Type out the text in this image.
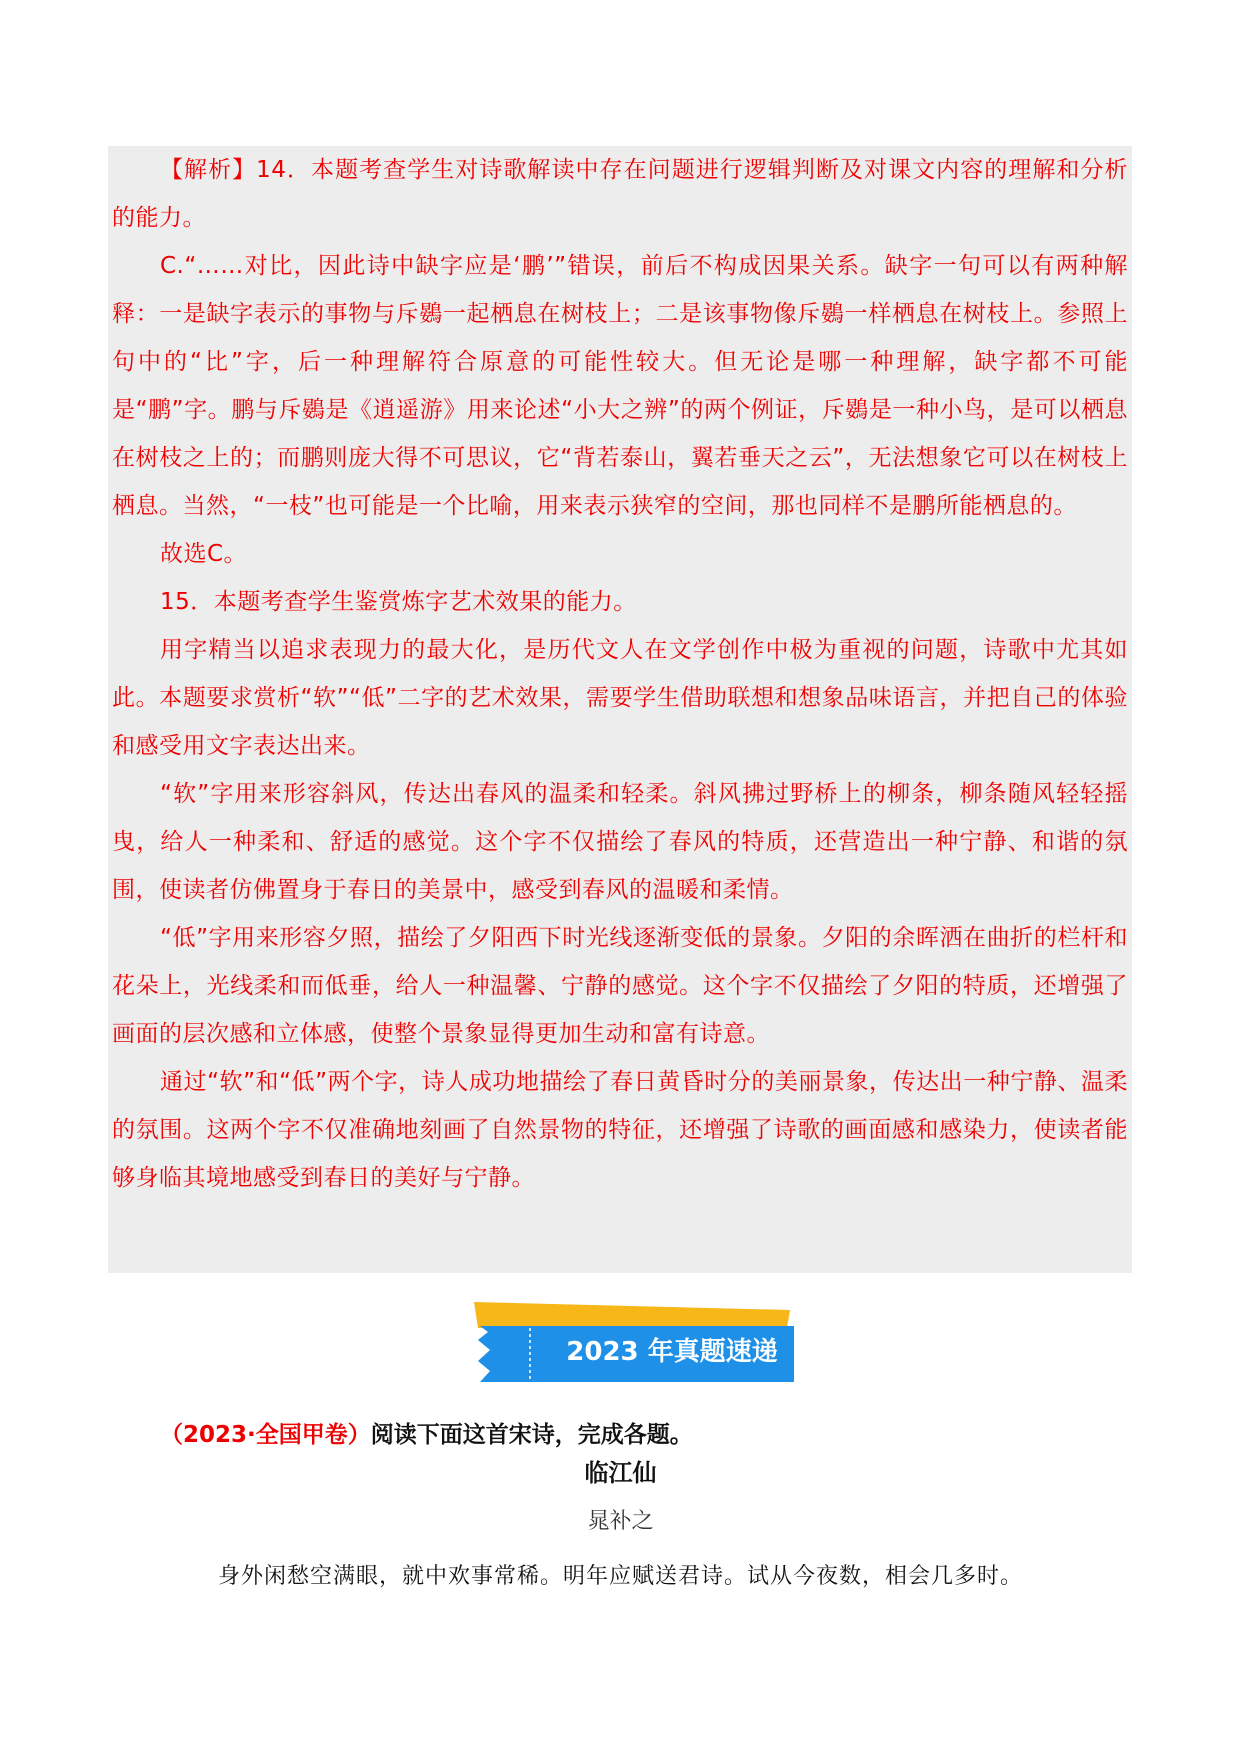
【解析】14．本题考查学生对诗歌解读中存在问题进行逻辑判断及对课文内容的理解和分析的能力。

C.“……对比，因此诗中缺字应是‘鹏’”错误，前后不构成因果关系。缺字一句可以有两种解释：一是缺字表示的事物与斥鷃一起栖息在树枝上；二是该事物像斥鷃一样栖息在树枝上。参照上句中的“比”字，后一种理解符合原意的可能性较大。但无论是哪一种理解，缺字都不可能是“鹏”字。鹏与斥鷃是《逍遥游》用来论述“小大之辨”的两个例证，斥鷃是一种小鸟，是可以栖息在树枝之上的；而鹏则庞大得不可思议，它“背若泰山，翼若垂天之云”，无法想象它可以在树枝上栖息。当然，“一枝”也可能是一个比喻，用来表示狭窄的空间，那也同样不是鹏所能栖息的。

故选C。

15．本题考查学生鉴赏炼字艺术效果的能力。

用字精当以追求表现力的最大化，是历代文人在文学创作中极为重视的问题，诗歌中尤其如此。本题要求赏析“软”“低”二字的艺术效果，需要学生借助联想和想象品味语言，并把自己的体验和感受用文字表达出来。

“软”字用来形容斜风，传达出春风的温柔和轻柔。斜风拂过野桥上的柳条，柳条随风轻轻摇曳，给人一种柔和、舒适的感觉。这个字不仅描绘了春风的特质，还营造出一种宁静、和谐的氛围，使读者仿佛置身于春日的美景中，感受到春风的温暖和柔情。

“低”字用来形容夕照，描绘了夕阳西下时光线逐渐变低的景象。夕阳的余晖洒在曲折的栏杆和花朵上，光线柔和而低垂，给人一种温馨、宁静的感觉。这个字不仅描绘了夕阳的特质，还增强了画面的层次感和立体感，使整个景象显得更加生动和富有诗意。

通过“软”和“低”两个字，诗人成功地描绘了春日黄昏时分的美丽景象，传达出一种宁静、温柔的氛围。这两个字不仅准确地刻画了自然景物的特征，还增强了诗歌的画面感和感染力，使读者能够身临其境地感受到春日的美好与宁静。

2023 年真题速递
（2023·全国甲卷）阅读下面这首宋诗，完成各题。
临江仙
晁补之
身外闲愁空满眼，就中欢事常稀。明年应赋送君诗。试从今夜数，相会几多时。
